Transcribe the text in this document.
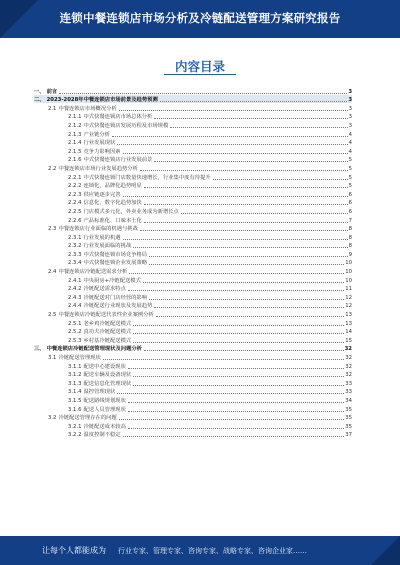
连锁中餐连锁店市场分析及冷链配送管理方案研究报告
内容目录
一、 前言	3
二、 2023-2028年中餐连锁店市场前景及趋势预测	3
2.1 中餐连锁店市场概况分析	3
2.1.1 中式快餐连锁店市场总体分析	3
2.1.2 中式快餐连锁店发展历程及市场规模	3
2.1.3 产业链分析	4
2.1.4 行业发展现状	4
2.1.5 竞争力影响因素	4
2.1.6 中式快餐连锁店行业发展前景	5
2.2 中餐连锁店市场行业发展趋势分析	5
2.2.1 中式快餐连锁门店数量快速增长，行业集中度有待提升	5
2.2.2 连锁化、品牌化趋势明显	5
2.2.3 供应链逐步完善	6
2.2.4 信息化、数字化趋势加快	6
2.2.5 门店模式多元化，外卖业务成为新增长点	6
2.2.6 产品标准化、口味本土化	7
2.3 中餐连锁店行业面临的机遇与挑战	8
2.3.1 行业发展的机遇	8
2.3.2 行业发展面临的挑战	8
2.3.3 中式快餐连锁市场竞争格局	9
2.3.4 中式快餐连锁企业发展策略	10
2.4 中餐连锁店冷链配送需求分析	10
2.4.1 中央厨房+冷链配送模式	10
2.4.2 冷链配送需求特点	11
2.4.3 冷链配送对门店经营的影响	12
2.4.4 冷链配送行业现状及发展趋势	12
2.5 中餐连锁店冷链配送代表性企业案例分析	13
2.5.1 老乡鸡冷链配送模式	13
2.5.2 真功夫冷链配送模式	14
2.5.3 乡村基冷链配送模式	15
三、 中餐连锁店冷链配送管理现状及问题分析	32
3.1 冷链配送管理现状	32
3.1.1 配送中心建设现状	32
3.1.2 配送车辆及设备现状	32
3.1.3 配送信息化管理现状	33
3.1.4 温控管理现状	33
3.1.5 配送路线规划现状	34
3.1.6 配送人员管理现状	35
3.2 冷链配送管理存在的问题	35
3.2.1 冷链配送成本较高	35
3.2.2 温度控制不稳定	37
让每个人都能成为 行业专家、管理专家、咨询专家、战略专家、咨询企业家……
